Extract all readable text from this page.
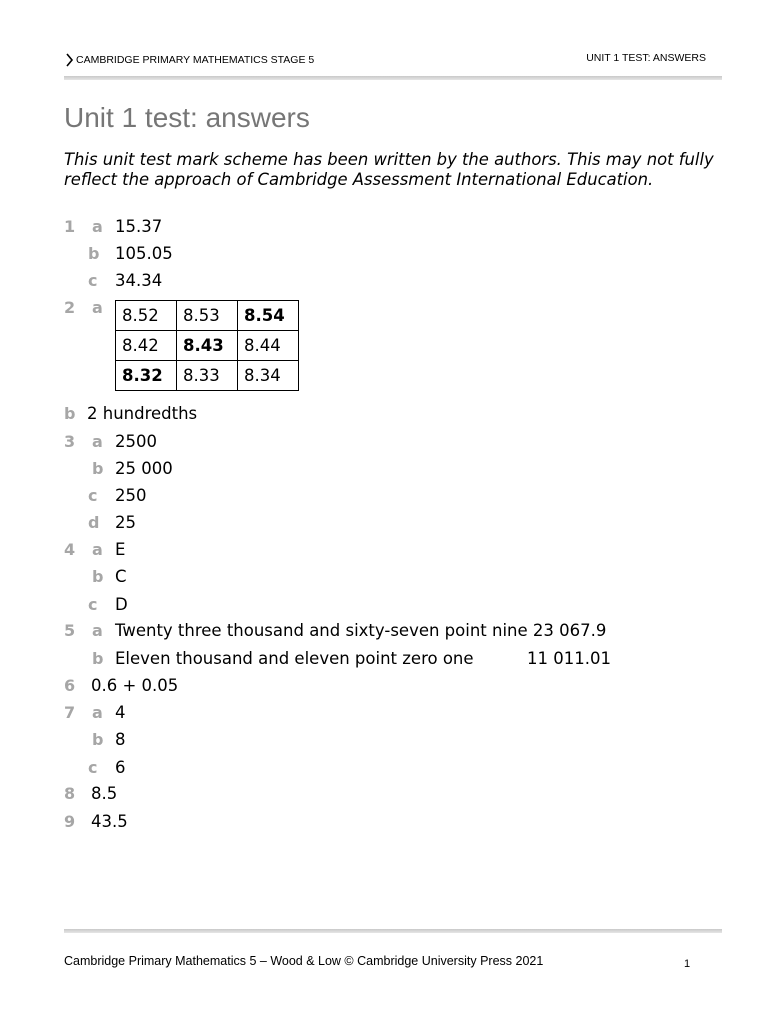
CAMBRIDGE PRIMARY MATHEMATICS STAGE 5	UNIT 1 TEST: ANSWERS
Unit 1 test: answers

This unit test mark scheme has been written by the authors. This may not fully reflect the approach of Cambridge Assessment International Education.

1 a 15.37
b 105.05
c 34.34
2 a 8.52	8.53	8.54
8.42	8.43	8.44
8.32	8.33	8.34
b 2 hundredths
3 a 2500
b 25 000
c 250
d 25
4 a E
b C
c D
5 a Twenty three thousand and sixty-seven point nine 23 067.9
b Eleven thousand and eleven point zero one	11 011.01
6 0.6 + 0.05
7 a 4
b 8
c 6
8 8.5
9 43.5
Cambridge Primary Mathematics 5 – Wood & Low © Cambridge University Press 2021	1
